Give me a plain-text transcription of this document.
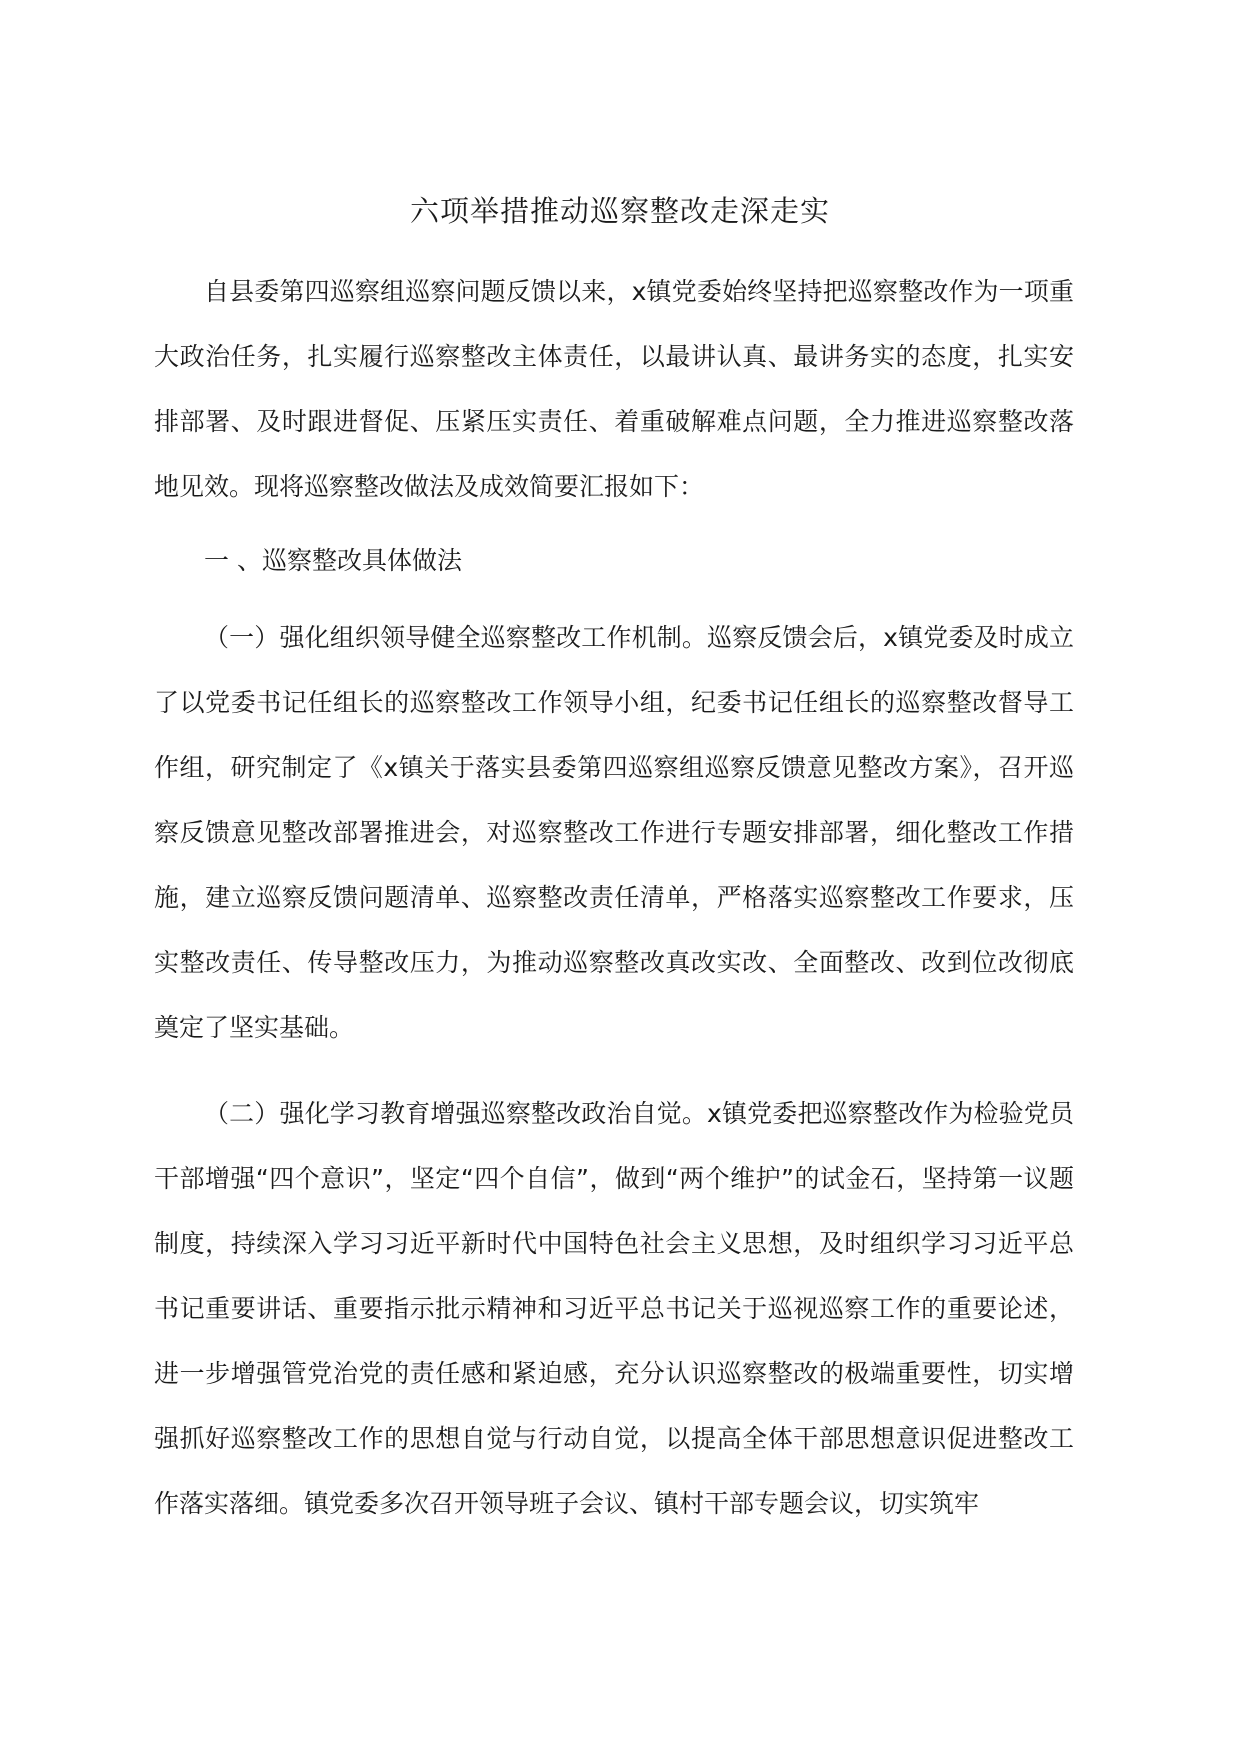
六项举措推动巡察整改走深走实

自县委第四巡察组巡察问题反馈以来，x镇党委始终坚持把巡察整改作为一项重大政治任务，扎实履行巡察整改主体责任，以最讲认真、最讲务实的态度，扎实安排部署、及时跟进督促、压紧压实责任、着重破解难点问题，全力推进巡察整改落地见效。现将巡察整改做法及成效简要汇报如下：

一 、巡察整改具体做法

（一）强化组织领导健全巡察整改工作机制。巡察反馈会后，x镇党委及时成立了以党委书记任组长的巡察整改工作领导小组，纪委书记任组长的巡察整改督导工作组，研究制定了《x镇关于落实县委第四巡察组巡察反馈意见整改方案》，召开巡察反馈意见整改部署推进会，对巡察整改工作进行专题安排部署，细化整改工作措施，建立巡察反馈问题清单、巡察整改责任清单，严格落实巡察整改工作要求，压实整改责任、传导整改压力，为推动巡察整改真改实改、全面整改、改到位改彻底奠定了坚实基础。

（二）强化学习教育增强巡察整改政治自觉。x镇党委把巡察整改作为检验党员干部增强“四个意识”，坚定“四个自信”，做到“两个维护”的试金石，坚持第一议题制度，持续深入学习习近平新时代中国特色社会主义思想，及时组织学习习近平总书记重要讲话、重要指示批示精神和习近平总书记关于巡视巡察工作的重要论述，进一步增强管党治党的责任感和紧迫感，充分认识巡察整改的极端重要性，切实增强抓好巡察整改工作的思想自觉与行动自觉，以提高全体干部思想意识促进整改工作落实落细。镇党委多次召开领导班子会议、镇村干部专题会议，切实筑牢
